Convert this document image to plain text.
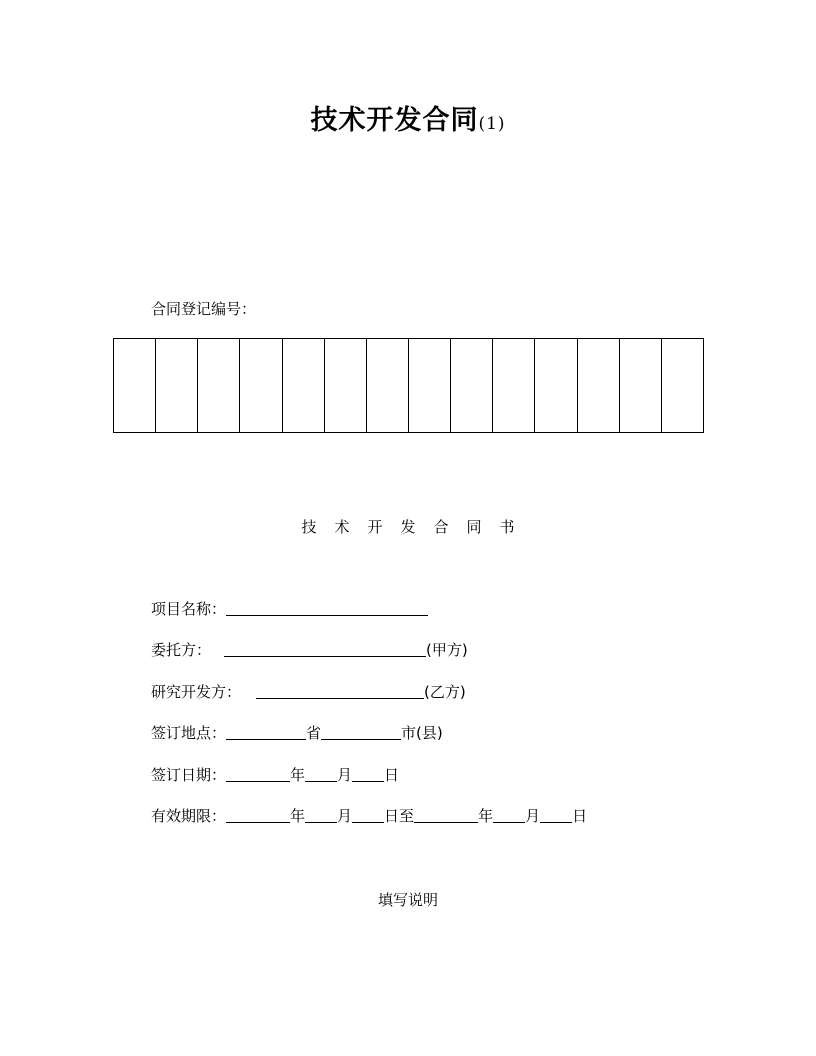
技术开发合同(1)
合同登记编号：
技术开发合同书
项目名称：
委托方：	(甲方)
研究开发方：	(乙方)
签订地点：	省	市(县)
签订日期：	年 月 日
有效期限：	年 月 日至	年 月 日
填写说明
